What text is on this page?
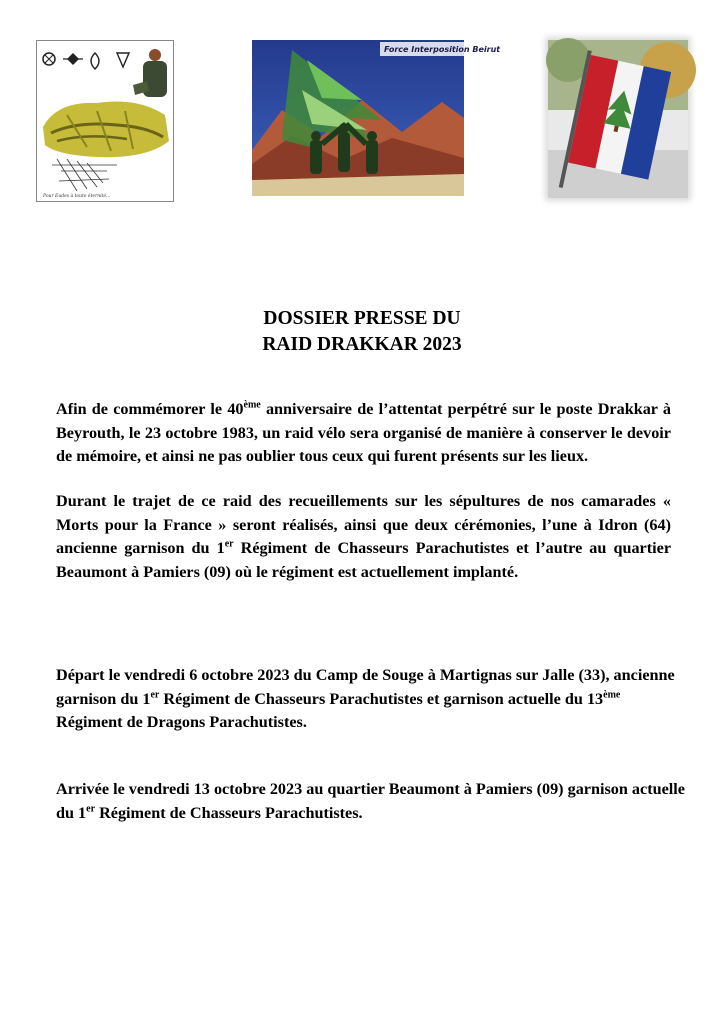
Pour Eudes à toute éternité...
Force Interposition Beirut
DOSSIER PRESSE DU
RAID DRAKKAR 2023
Afin de commémorer le 40ème anniversaire de l’attentat perpétré sur le poste Drakkar à Beyrouth, le 23 octobre 1983, un raid vélo sera organisé de manière à conserver le devoir de mémoire, et ainsi ne pas oublier tous ceux qui furent présents sur les lieux.
Durant le trajet de ce raid des recueillements sur les sépultures de nos camarades « Morts pour la France » seront réalisés, ainsi que deux cérémonies, l’une à Idron (64) ancienne garnison du 1er Régiment de Chasseurs Parachutistes et l’autre au quartier Beaumont à Pamiers (09) où le régiment est actuellement implanté.
Départ le vendredi 6 octobre 2023 du Camp de Souge à Martignas sur Jalle (33), ancienne garnison du 1er Régiment de Chasseurs Parachutistes et garnison actuelle du 13ème Régiment de Dragons Parachutistes.
Arrivée le vendredi 13 octobre 2023 au quartier Beaumont à Pamiers (09) garnison actuelle du 1er Régiment de Chasseurs Parachutistes.
